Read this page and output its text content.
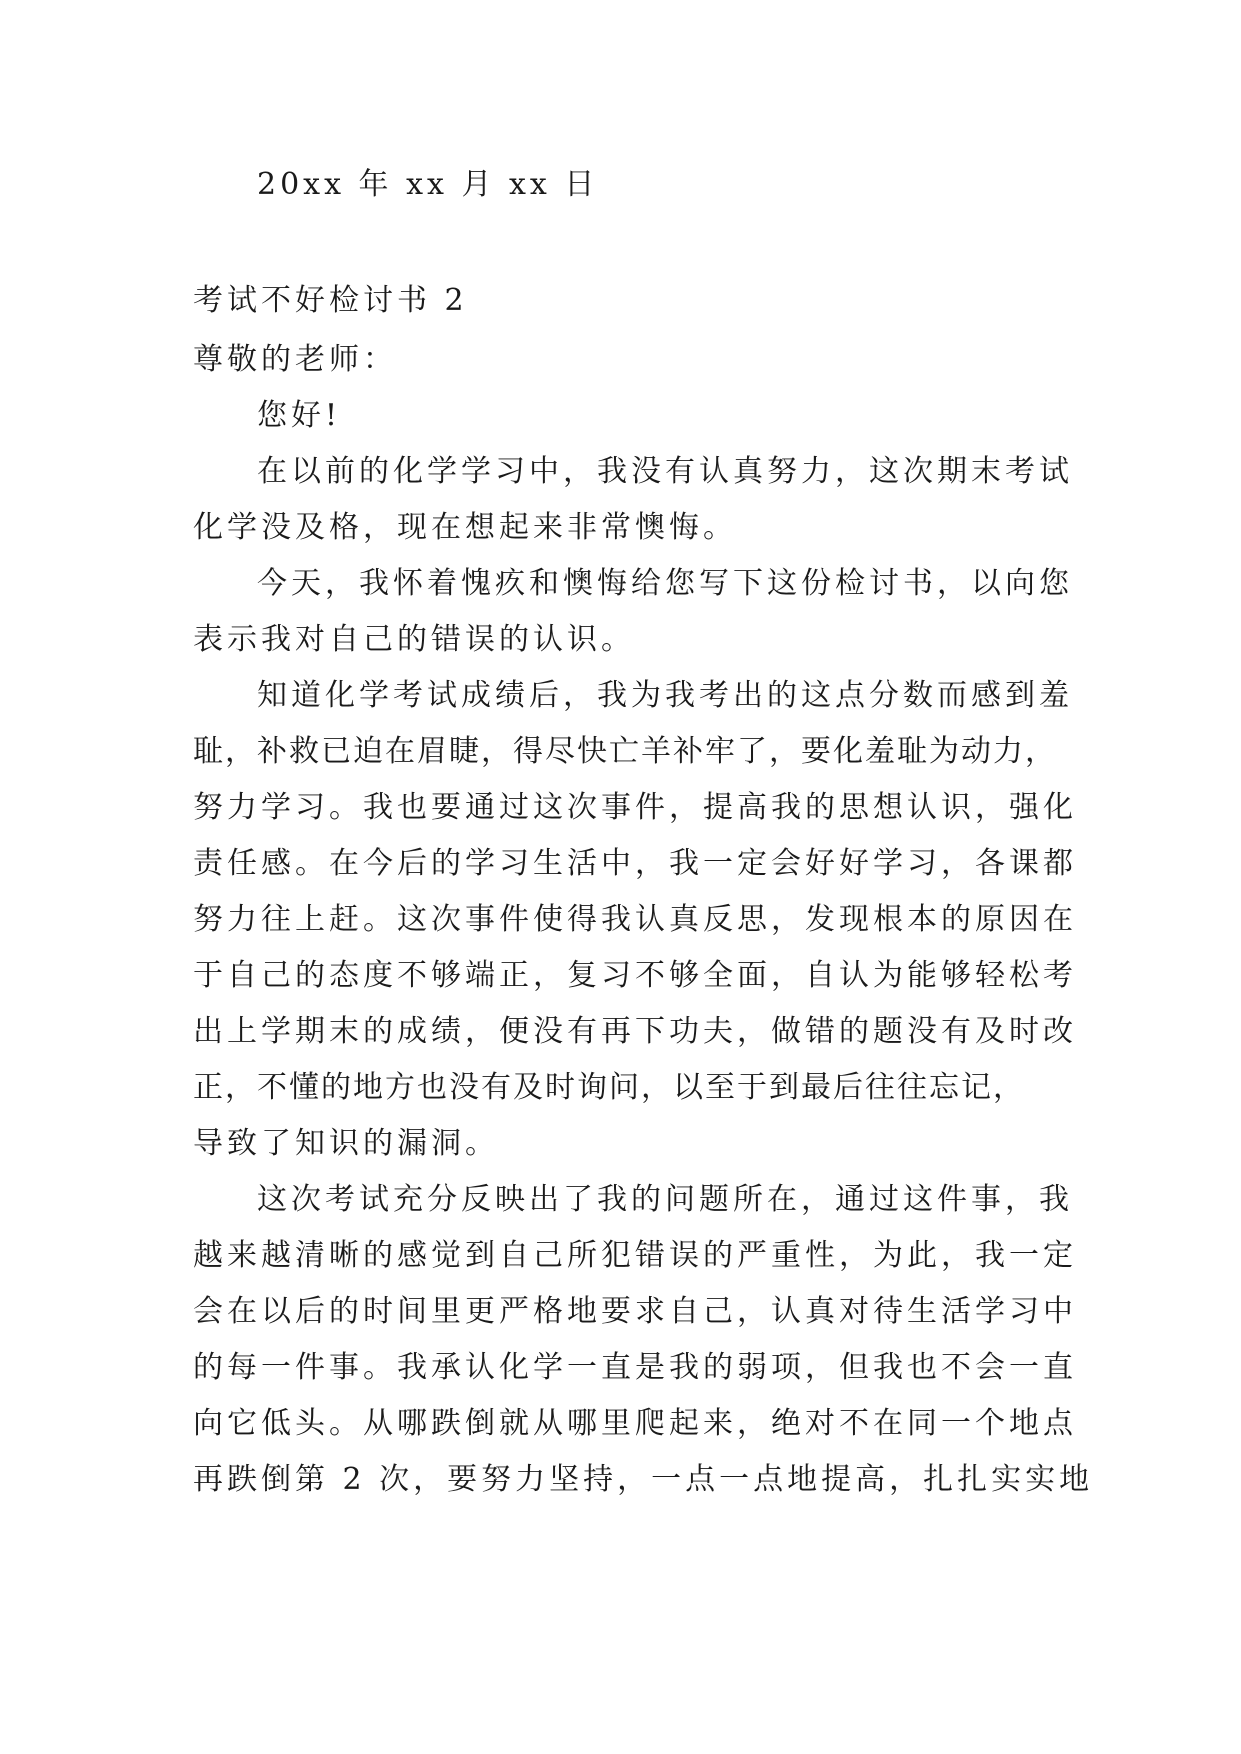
20xx 年 xx 月 xx 日
考试不好检讨书 2
尊敬的老师：
您好!
在以前的化学学习中，我没有认真努力，这次期末考试
化学没及格，现在想起来非常懊悔。
今天，我怀着愧疚和懊悔给您写下这份检讨书，以向您
表示我对自己的错误的认识。
知道化学考试成绩后，我为我考出的这点分数而感到羞
耻，补救已迫在眉睫，得尽快亡羊补牢了，要化羞耻为动力，
努力学习。我也要通过这次事件，提高我的思想认识，强化
责任感。在今后的学习生活中，我一定会好好学习，各课都
努力往上赶。这次事件使得我认真反思，发现根本的原因在
于自己的态度不够端正，复习不够全面，自认为能够轻松考
出上学期末的成绩，便没有再下功夫，做错的题没有及时改
正，不懂的地方也没有及时询问，以至于到最后往往忘记，
导致了知识的漏洞。
这次考试充分反映出了我的问题所在，通过这件事，我
越来越清晰的感觉到自己所犯错误的严重性，为此，我一定
会在以后的时间里更严格地要求自己，认真对待生活学习中
的每一件事。我承认化学一直是我的弱项，但我也不会一直
向它低头。从哪跌倒就从哪里爬起来，绝对不在同一个地点
再跌倒第 2 次，要努力坚持，一点一点地提高，扎扎实实地
